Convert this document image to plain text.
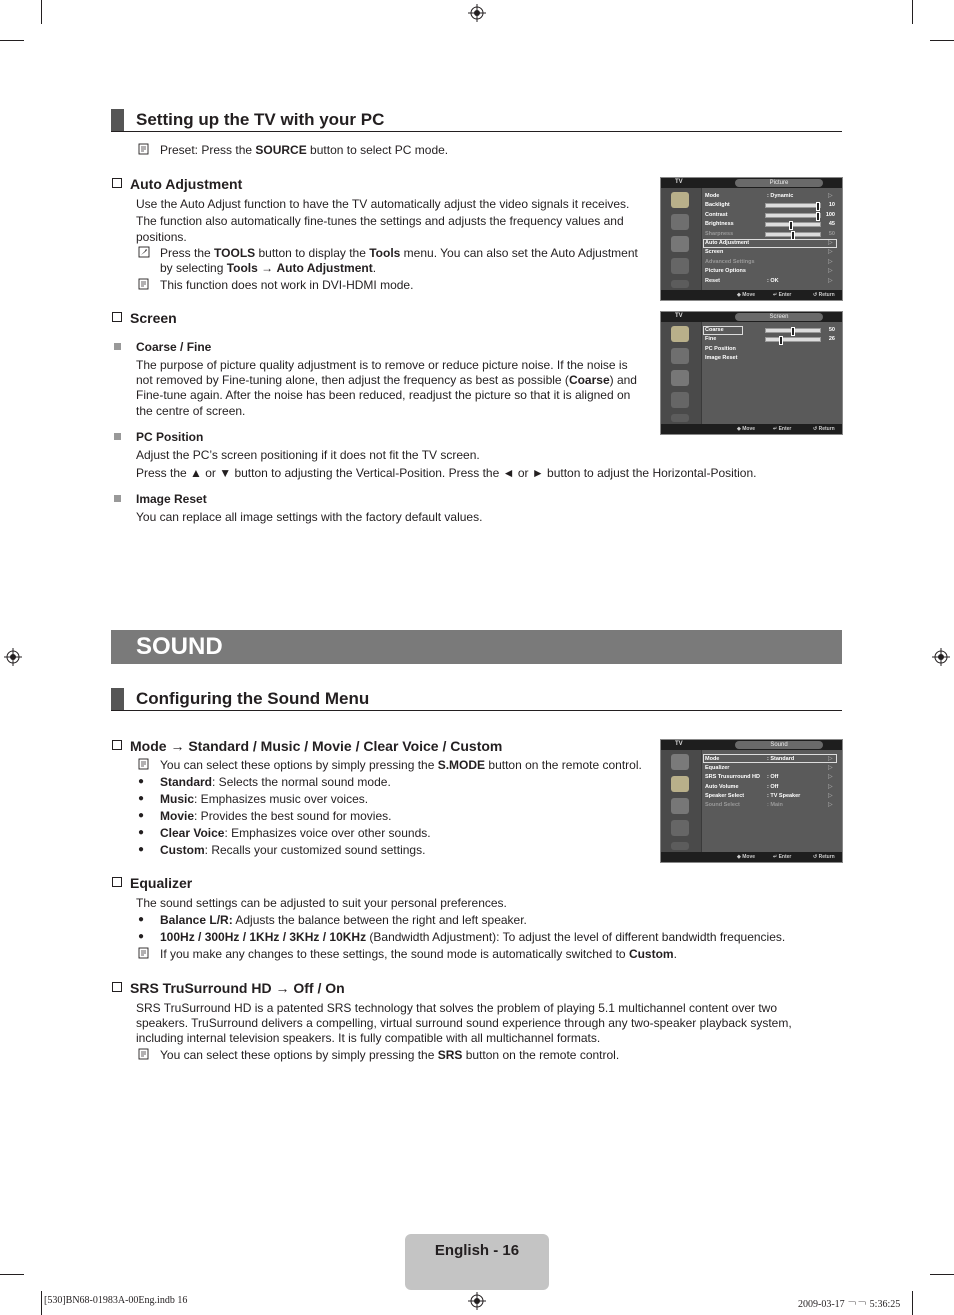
Setting up the TV with your PC
Preset: Press the SOURCE button to select PC mode.
Auto Adjustment
Use the Auto Adjust function to have the TV automatically adjust the video signals it receives.
The function also automatically fine-tunes the settings and adjusts the frequency values and
positions.
Press the TOOLS button to display the Tools menu. You can also set the Auto Adjustment
by selecting Tools → Auto Adjustment.
This function does not work in DVI-HDMI mode.
Screen
Coarse / Fine
The purpose of picture quality adjustment is to remove or reduce picture noise. If the noise is
not removed by Fine-tuning alone, then adjust the frequency as best as possible (Coarse) and
Fine-tune again. After the noise has been reduced, readjust the picture so that it is aligned on
the centre of screen.
PC Position
Adjust the PC’s screen positioning if it does not fit the TV screen.
Press the ▲ or ▼ button to adjusting the Vertical-Position. Press the ◄ or ► button to adjust the Horizontal-Position.
Image Reset
You can replace all image settings with the factory default values.
TV	Picture
Mode	: Dynamic	▷
Backlight	10
Contrast	100
Brightness	45
Sharpness	50
Auto Adjustment	▷
Screen	▷
Advanced Settings	▷
Picture Options	▷
Reset	: OK	▷
◆ Move	↵ Enter	↺ Return
TV	Screen
Coarse	50
Fine	26
PC Position
Image Reset
◆ Move	↵ Enter	↺ Return
SOUND
Configuring the Sound Menu
Mode → Standard / Music / Movie / Clear Voice / Custom
You can select these options by simply pressing the S.MODE button on the remote control.
● Standard: Selects the normal sound mode.
● Music: Emphasizes music over voices.
● Movie: Provides the best sound for movies.
● Clear Voice: Emphasizes voice over other sounds.
● Custom: Recalls your customized sound settings.
TV	Sound
Mode	: Standard	▷
Equalizer	▷
SRS Trusurround HD : Off	▷
Auto Volume	: Off	▷
Speaker Select	: TV Speaker	▷
Sound Select	: Main	▷
◆ Move	↵ Enter	↺ Return
Equalizer
The sound settings can be adjusted to suit your personal preferences.
● Balance L/R: Adjusts the balance between the right and left speaker.
● 100Hz / 300Hz / 1KHz / 3KHz / 10KHz (Bandwidth Adjustment): To adjust the level of different bandwidth frequencies.
If you make any changes to these settings, the sound mode is automatically switched to Custom.
SRS TruSurround HD → Off / On
SRS TruSurround HD is a patented SRS technology that solves the problem of playing 5.1 multichannel content over two
speakers. TruSurround delivers a compelling, virtual surround sound experience through any two-speaker playback system,
including internal television speakers. It is fully compatible with all multichannel formats.
You can select these options by simply pressing the SRS button on the remote control.
English - 16
[530]BN68-01983A-00Eng.indb 16	2009-03-17 ￢￢ 5:36:25
